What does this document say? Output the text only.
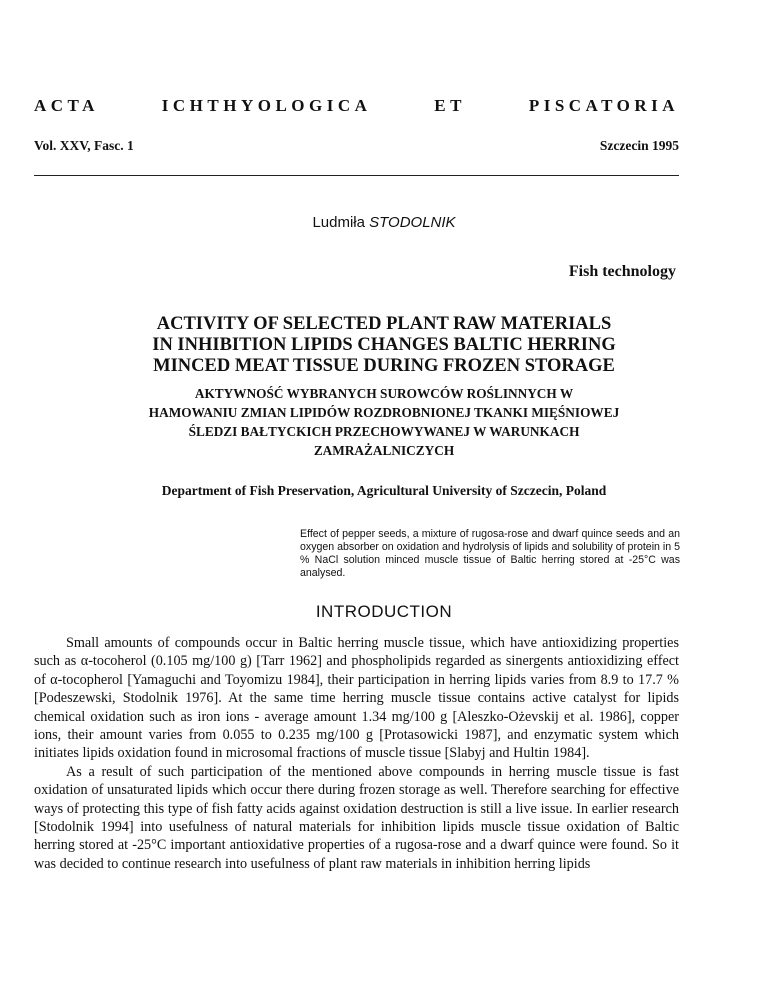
ACTA	ICHTHYOLOGICA	ET	PISCATORIA
Vol. XXV, Fasc. 1	Szczecin 1995
Ludmiła STODOLNIK
Fish technology
ACTIVITY OF SELECTED PLANT RAW MATERIALS
IN INHIBITION LIPIDS CHANGES BALTIC HERRING
MINCED MEAT TISSUE DURING FROZEN STORAGE
AKTYWNOŚĆ WYBRANYCH SUROWCÓW ROŚLINNYCH W
HAMOWANIU ZMIAN LIPIDÓW ROZDROBNIONEJ TKANKI MIĘŚNIOWEJ
ŚLEDZI BAŁTYCKICH PRZECHOWYWANEJ W WARUNKACH
ZAMRAŻALNICZYCH
Department of Fish Preservation, Agricultural University of Szczecin, Poland
Effect of pepper seeds, a mixture of rugosa-rose and dwarf quince seeds and an oxygen absorber on oxidation and hydrolysis of lipids and solubility of protein in 5 % NaCl solution minced muscle tissue of Baltic herring stored at -25°C was analysed.
INTRODUCTION

Small amounts of compounds occur in Baltic herring muscle tissue, which have antioxidizing properties such as α-tocoherol (0.105 mg/100 g) [Tarr 1962] and phospholipids regarded as sinergents antioxidizing effect of α-tocopherol [Yamaguchi and Toyomizu 1984], their participation in herring lipids varies from 8.9 to 17.7 % [Podeszewski, Stodolnik 1976]. At the same time herring muscle tissue contains active catalyst for lipids chemical oxidation such as iron ions - average amount 1.34 mg/100 g [Aleszko-Ożevskij et al. 1986], copper ions, their amount varies from 0.055 to 0.235 mg/100 g [Protasowicki 1987], and enzymatic system which initiates lipids oxidation found in microsomal fractions of muscle tissue [Slabyj and Hultin 1984].

As a result of such participation of the mentioned above compounds in herring muscle tissue is fast oxidation of unsaturated lipids which occur there during frozen storage as well. Therefore searching for effective ways of protecting this type of fish fatty acids against oxidation destruction is still a live issue. In earlier research [Stodolnik 1994] into usefulness of natural materials for inhibition lipids muscle tissue oxidation of Baltic herring stored at -25°C important antioxidative properties of a rugosa-rose and a dwarf quince were found. So it was decided to continue research into usefulness of plant raw materials in inhibition herring lipids
